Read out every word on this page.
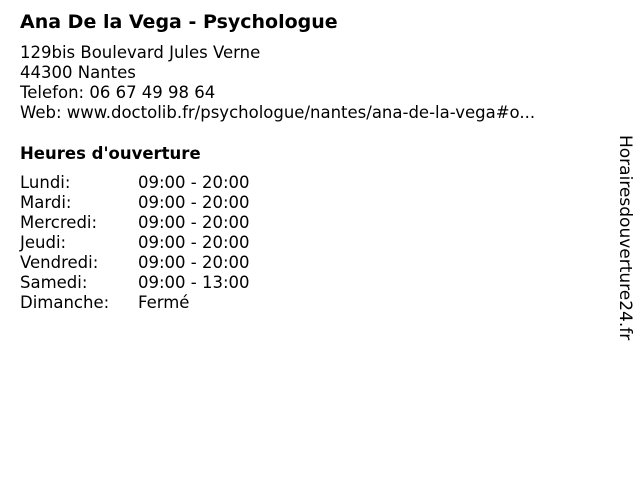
Ana De la Vega - Psychologue
129bis Boulevard Jules Verne
44300 Nantes
Telefon: 06 67 49 98 64
Web: www.doctolib.fr/psychologue/nantes/ana-de-la-vega#o...
Heures d'ouverture
Lundi:	09:00 - 20:00
Mardi:	09:00 - 20:00
Mercredi:	09:00 - 20:00
Jeudi:	09:00 - 20:00
Vendredi:	09:00 - 20:00
Samedi:	09:00 - 13:00
Dimanche:	Fermé	Horairesdouverture24.fr
